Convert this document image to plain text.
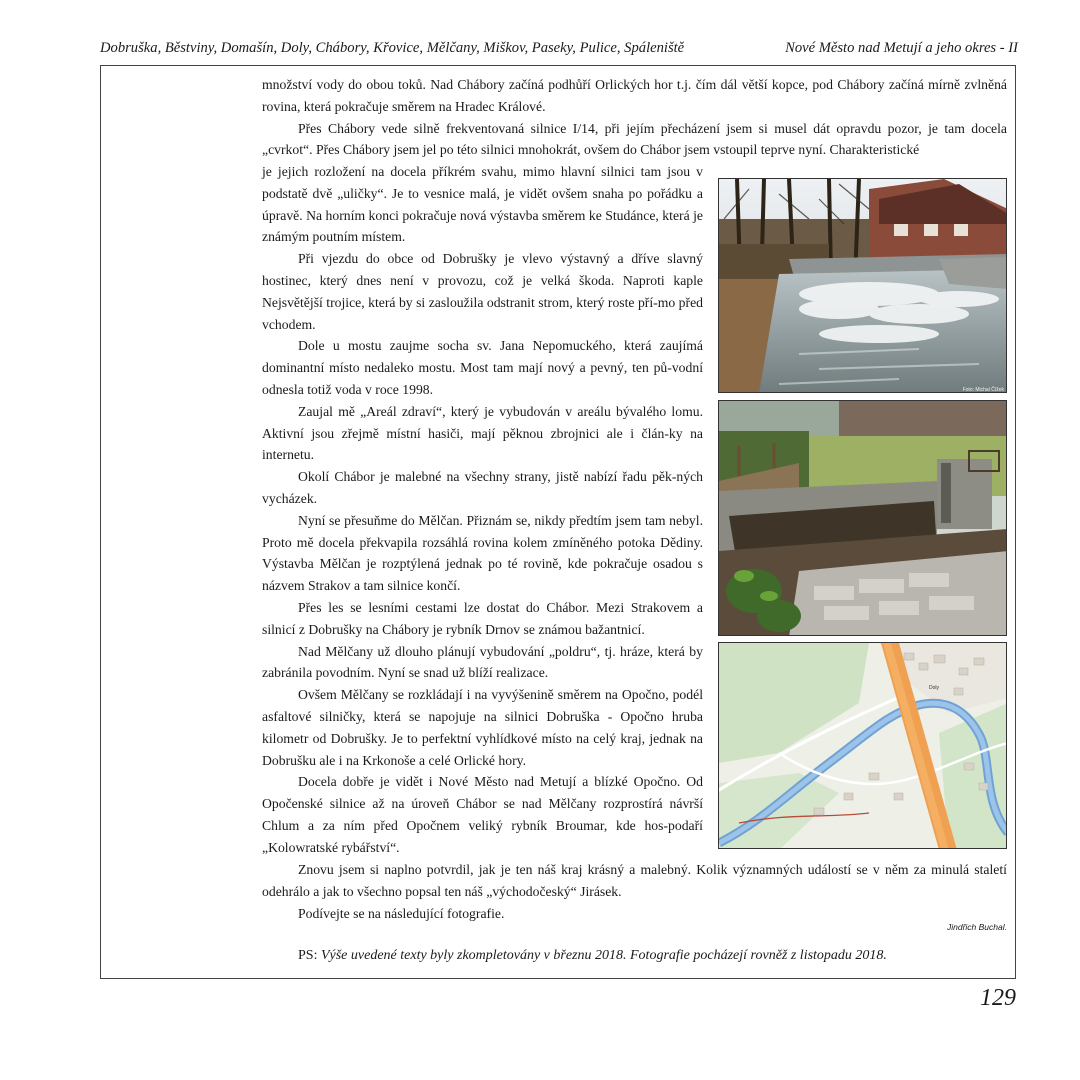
Dobruška, Běstviny, Domašín, Doly, Chábory, Křovice, Mělčany, Miškov, Paseky, Pulice, Spáleniště	Nové Město nad Metují a jeho okres - II

množství vody do obou toků. Nad Chábory začíná podhůří Orlických hor t.j. čím dál větší kopce, pod Chábory začíná mírně zvlněná rovina, která pokračuje směrem na Hradec Králové.

Přes Chábory vede silně frekventovaná silnice I/14, při jejím přecházení jsem si musel dát opravdu pozor, je tam docela „cvrkot“. Přes Chábory jsem jel po této silnici mnohokrát, ovšem do Chábor jsem vstoupil teprve nyní. Charakteristické

je jejich rozložení na docela příkrém svahu, mimo hlavní silnici tam jsou v podstatě dvě „uličky“. Je to vesnice malá, je vidět ovšem snaha po pořádku a úpravě. Na horním konci pokračuje nová výstavba směrem ke Studánce, která je známým poutním místem.

Při vjezdu do obce od Dobrušky je vlevo výstavný a dříve slavný hostinec, který dnes není v provozu, což je velká škoda. Naproti kaple Nejsvětější trojice, která by si zasloužila odstranit strom, který roste pří-mo před vchodem.

Dole u mostu zaujme socha sv. Jana Nepomuckého, která zaujímá dominantní místo nedaleko mostu. Most tam mají nový a pevný, ten pů-vodní odnesla totiž voda v roce 1998.

Zaujal mě „Areál zdraví“, který je vybudován v areálu bývalého lomu. Aktivní jsou zřejmě místní hasiči, mají pěknou zbrojnici ale i člán-ky na internetu.

Okolí Chábor je malebné na všechny strany, jistě nabízí řadu pěk-ných vycházek.

Nyní se přesuňme do Mělčan. Přiznám se, nikdy předtím jsem tam nebyl. Proto mě docela překvapila rozsáhlá rovina kolem zmíněného potoka Dědiny. Výstavba Mělčan je rozptýlená jednak po té rovině, kde pokračuje osadou s názvem Strakov a tam silnice končí.

Přes les se lesními cestami lze dostat do Chábor. Mezi Strakovem a silnicí z Dobrušky na Chábory je rybník Drnov se známou bažantnicí.

Nad Mělčany už dlouho plánují vybudování „poldru“, tj. hráze, která by zabránila povodním. Nyní se snad už blíží realizace.

Ovšem Mělčany se rozkládají i na vyvýšenině směrem na Opočno, podél asfaltové silničky, která se napojuje na silnici Dobruška - Opočno hruba kilometr od Dobrušky. Je to perfektní vyhlídkové místo na celý kraj, jednak na Dobrušku ale i na Krkonoše a celé Orlické hory.

Docela dobře je vidět i Nové Město nad Metují a blízké Opočno. Od Opočenské silnice až na úroveň Chábor se nad Mělčany rozprostírá návrší Chlum a za ním před Opočnem veliký rybník Broumar, kde hos-podaří „Kolowratské rybářství“.

Foto: Michal Čížek
Doly

Znovu jsem si naplno potvrdil, jak je ten náš kraj krásný a malebný. Kolik významných událostí se v něm za minulá staletí odehrálo a jak to všechno popsal ten náš „východočeský“ Jirásek.

Podívejte se na následující fotografie.

Jindřich Buchal.
PS: Výše uvedené texty byly zkompletovány v březnu 2018. Fotografie pocházejí rovněž z listopadu 2018.
129
